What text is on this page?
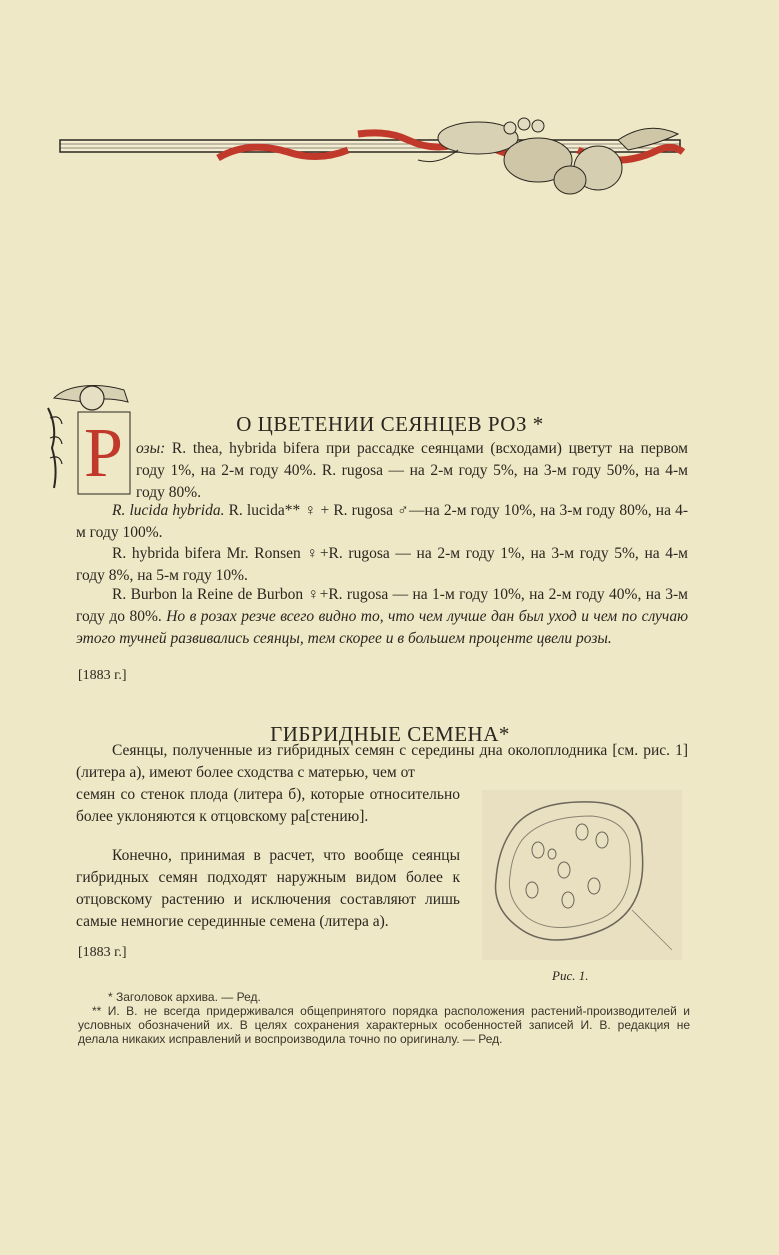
О ЦВЕТЕНИИ СЕЯНЦЕВ РОЗ *
Р озы: R. thea, hybrida bifera при рассадке сеянцами (всходами) цветут на первом году 1%, на 2-м году 40%. R. rugosa — на 2-м году 5%, на 3-м году 50%, на 4-м году 80%.

R. lucida hybrida. R. lucida** ♀ + R. rugosa ♂—на 2-м году 10%, на 3-м году 80%, на 4-м году 100%.

R. hybrida bifera Mr. Ronsen ♀+R. rugosa — на 2-м году 1%, на 3-м году 5%, на 4-м году 8%, на 5-м году 10%.

R. Burbon la Reine de Burbon ♀+R. rugosa — на 1-м году 10%, на 2-м году 40%, на 3-м году до 80%. Но в розах резче всего видно то, что чем лучше дан был уход и чем по случаю этого тучней развивались сеянцы, тем скорее и в большем проценте цвели розы.

[1883 г.]
ГИБРИДНЫЕ СЕМЕНА*

Сеянцы, полученные из гибридных семян с середины дна околоплодника [см. рис. 1] (литера а), имеют более сходства с матерью, чем от

семян со стенок плода (литера б), которые относительно более уклоняются к отцовскому ра[стению].

Конечно, принимая в расчет, что вообще сеянцы гибридных семян подходят наружным видом более к отцовскому растению и исключения составляют лишь самые немногие серединные семена (литера а).

[1883 г.]
Рис. 1.
* Заголовок архива. — Ред.
** И. В. не всегда придерживался общепринятого порядка расположения растений-производителей и условных обозначений их. В целях сохранения характерных особенностей записей И. В. редакция не делала никаких исправлений и воспроизводила точно по оригиналу. — Ред.
